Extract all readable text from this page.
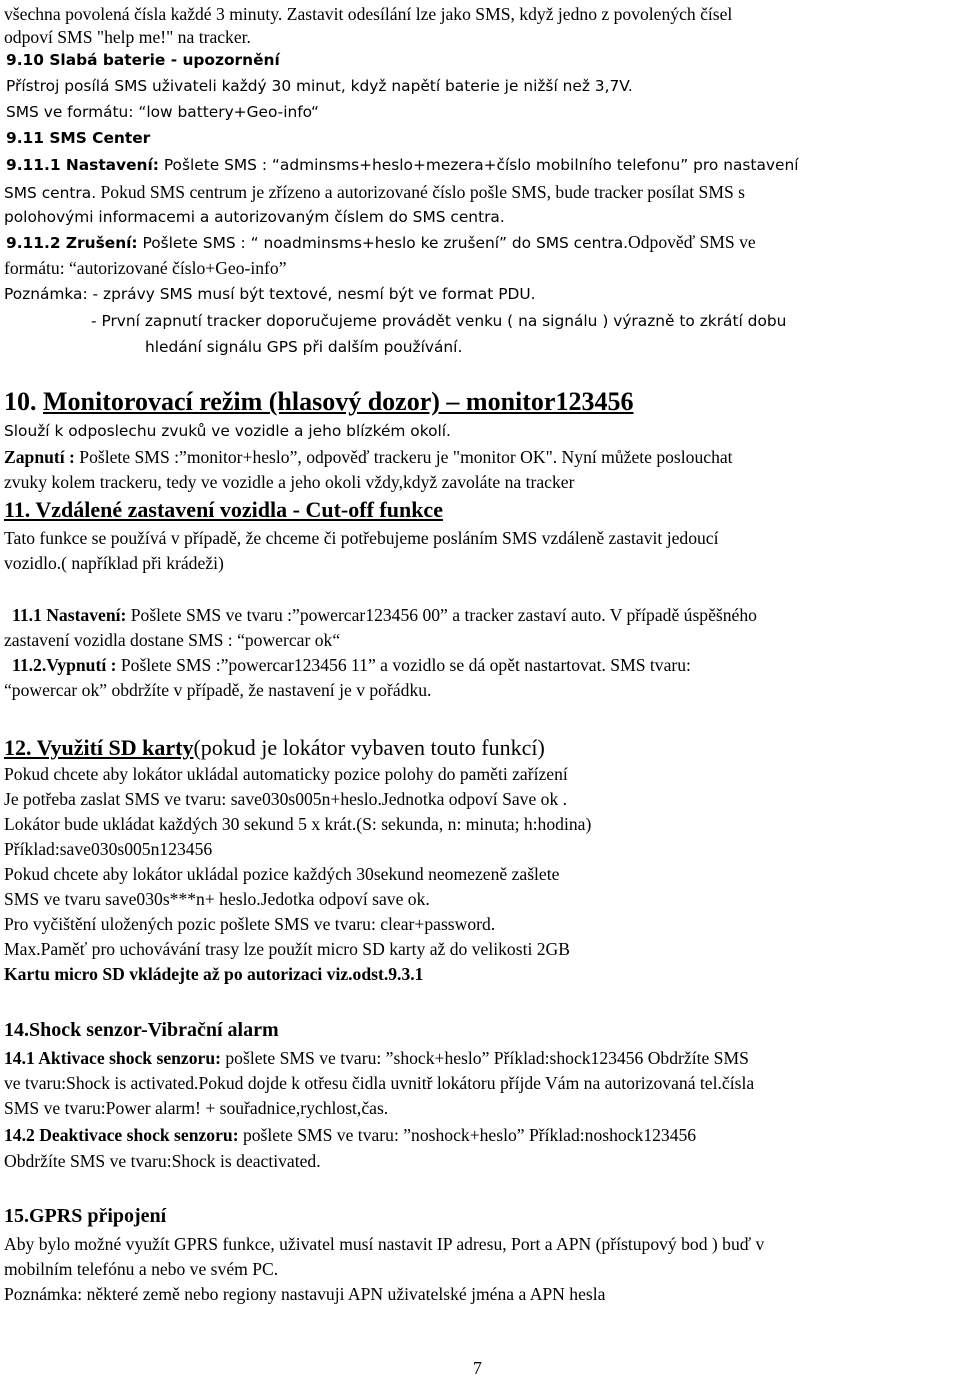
všechna povolená čísla každé 3 minuty. Zastavit odesílání lze jako SMS, když jedno z povolených čísel
odpoví SMS "help me!" na tracker.
9.10 Slabá baterie - upozornění
Přístroj posílá SMS uživateli každý 30 minut, když napětí baterie je nižší než 3,7V.
SMS ve formátu: “low battery+Geo-info“
9.11 SMS Center
9.11.1 Nastavení: Pošlete SMS : “adminsms+heslo+mezera+číslo mobilního telefonu” pro nastavení
SMS centra. Pokud SMS centrum je zřízeno a autorizované číslo pošle SMS, bude tracker posílat SMS s
polohovými informacemi a autorizovaným číslem do SMS centra.
9.11.2 Zrušení: Pošlete SMS : “ noadminsms+heslo ke zrušení” do SMS centra.Odpověď SMS ve
formátu: “autorizované číslo+Geo-info”
Poznámka: - zprávy SMS musí být textové, nesmí být ve format PDU.
- První zapnutí tracker doporučujeme provádět venku ( na signálu ) výrazně to zkrátí dobu
hledání signálu GPS při dalším používání.
10. Monitorovací režim (hlasový dozor) – monitor123456
Slouží k odposlechu zvuků ve vozidle a jeho blízkém okolí.
Zapnutí : Pošlete SMS :”monitor+heslo”, odpověď trackeru je "monitor OK". Nyní můžete poslouchat
zvuky kolem trackeru, tedy ve vozidle a jeho okoli vždy,když zavoláte na tracker
11. Vzdálené zastavení vozidla - Cut-off funkce
Tato funkce se používá v případě, že chceme či potřebujeme posláním SMS vzdáleně zastavit jedoucí
vozidlo.( například při krádeži)
11.1 Nastavení: Pošlete SMS ve tvaru :”powercar123456 00” a tracker zastaví auto. V případě úspěšného
zastavení vozidla dostane SMS : “powercar ok“
11.2.Vypnutí : Pošlete SMS :”powercar123456 11” a vozidlo se dá opět nastartovat. SMS tvaru:
“powercar ok” obdržíte v případě, že nastavení je v pořádku.
12. Využití SD karty(pokud je lokátor vybaven touto funkcí)
Pokud chcete aby lokátor ukládal automaticky pozice polohy do paměti zařízení
Je potřeba zaslat SMS ve tvaru: save030s005n+heslo.Jednotka odpoví Save ok .
Lokátor bude ukládat každých 30 sekund 5 x krát.(S: sekunda, n: minuta; h:hodina)
Příklad:save030s005n123456
Pokud chcete aby lokátor ukládal pozice každých 30sekund neomezeně zašlete
SMS ve tvaru save030s***n+ heslo.Jedotka odpoví save ok.
Pro vyčištění uložených pozic pošlete SMS ve tvaru: clear+password.
Max.Paměť pro uchovávání trasy lze použít micro SD karty až do velikosti 2GB
Kartu micro SD vkládejte až po autorizaci viz.odst.9.3.1
14.Shock senzor-Vibrační alarm
14.1 Aktivace shock senzoru: pošlete SMS ve tvaru: ”shock+heslo” Příklad:shock123456 Obdržíte SMS
ve tvaru:Shock is activated.Pokud dojde k otřesu čidla uvnitř lokátoru příjde Vám na autorizovaná tel.čísla
SMS ve tvaru:Power alarm! + souřadnice,rychlost,čas.
14.2 Deaktivace shock senzoru: pošlete SMS ve tvaru: ”noshock+heslo” Příklad:noshock123456
Obdržíte SMS ve tvaru:Shock is deactivated.
15.GPRS připojení
Aby bylo možné využít GPRS funkce, uživatel musí nastavit IP adresu, Port a APN (přístupový bod ) buď v
mobilním telefónu a nebo ve svém PC.
Poznámka: některé země nebo regiony nastavuji APN uživatelské jména a APN hesla
7
